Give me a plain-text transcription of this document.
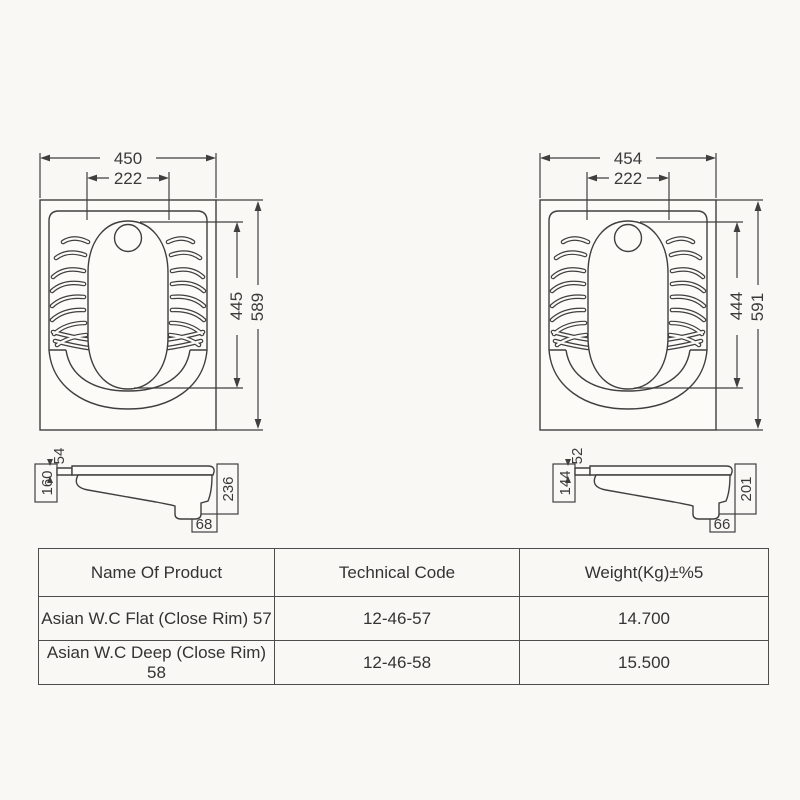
450
222
445 589
454
222
444 591
54
160	236
68
52
144	201
66
Name Of Product	Technical Code	Weight(Kg)±%5
Asian W.C Flat (Close Rim) 57	12-46-57	14.700
Asian W.C Deep (Close Rim) 58	12-46-58	15.500
